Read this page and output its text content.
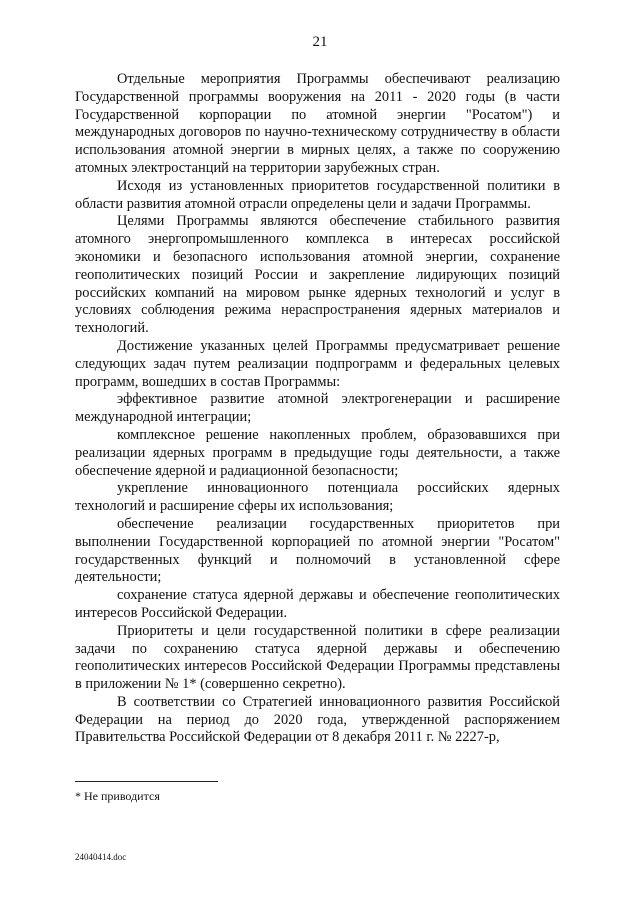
21

Отдельные мероприятия Программы обеспечивают реализацию Государственной программы вооружения на 2011 - 2020 годы (в части Государственной корпорации по атомной энергии "Росатом") и международных договоров по научно-техническому сотрудничеству в области использования атомной энергии в мирных целях, а также по сооружению атомных электростанций на территории зарубежных стран.

Исходя из установленных приоритетов государственной политики в области развития атомной отрасли определены цели и задачи Программы.

Целями Программы являются обеспечение стабильного развития атомного энергопромышленного комплекса в интересах российской экономики и безопасного использования атомной энергии, сохранение геополитических позиций России и закрепление лидирующих позиций российских компаний на мировом рынке ядерных технологий и услуг в условиях соблюдения режима нераспространения ядерных материалов и технологий.

Достижение указанных целей Программы предусматривает решение следующих задач путем реализации подпрограмм и федеральных целевых программ, вошедших в состав Программы:

эффективное развитие атомной электрогенерации и расширение международной интеграции;

комплексное решение накопленных проблем, образовавшихся при реализации ядерных программ в предыдущие годы деятельности, а также обеспечение ядерной и радиационной безопасности;

укрепление инновационного потенциала российских ядерных технологий и расширение сферы их использования;

обеспечение реализации государственных приоритетов при выполнении Государственной корпорацией по атомной энергии "Росатом" государственных функций и полномочий в установленной сфере деятельности;

сохранение статуса ядерной державы и обеспечение геополитических интересов Российской Федерации.

Приоритеты и цели государственной политики в сфере реализации задачи по сохранению статуса ядерной державы и обеспечению геополитических интересов Российской Федерации Программы представлены в приложении № 1* (совершенно секретно).

В соответствии со Стратегией инновационного развития Российской Федерации на период до 2020 года, утвержденной распоряжением Правительства Российской Федерации от 8 декабря 2011 г. № 2227-р,

* Не приводится
24040414.doc
